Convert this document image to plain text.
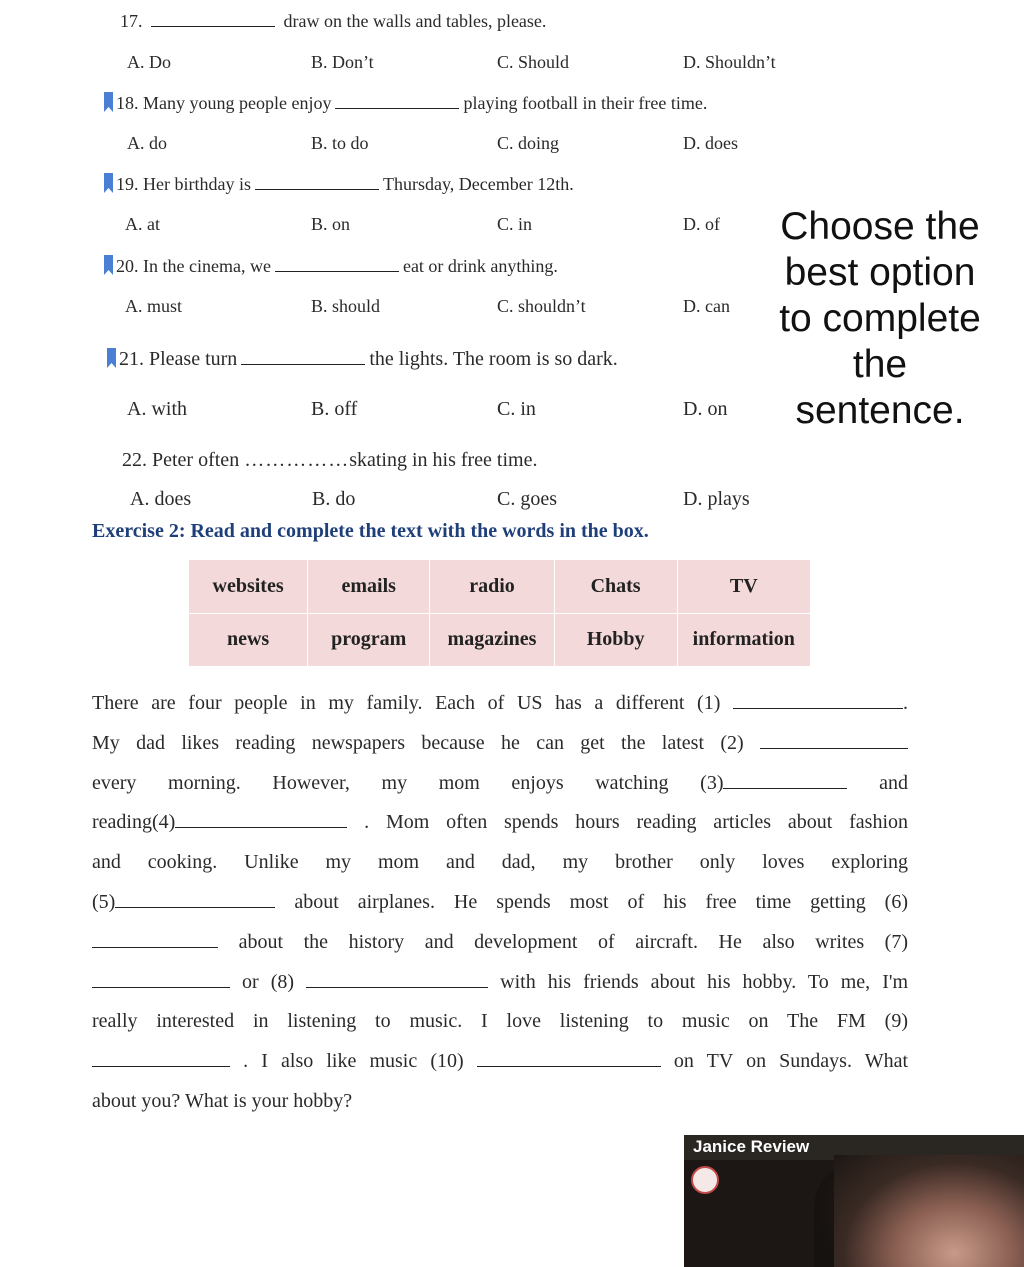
17.	draw on the walls and tables, please.
A. Do	B. Don’t	C. Should	D. Shouldn’t
18. Many young people enjoy	playing football in their free time.
A. do	B. to do	C. doing	D. does
19. Her birthday is	Thursday, December 12th.
A. at	B. on	C. in	D. of
20. In the cinema, we	eat or drink anything.
A. must	B. should	C. shouldn’t	D. can
21. Please turn	the lights. The room is so dark.
A. with	B. off	C. in	D. on
22. Peter often ……………skating in his free time.
A. does	B. do	C. goes	D. plays
Choose the best option to complete the sentence.
Exercise 2: Read and complete the text with the words in the box.
websites	emails	radio	Chats	TV
news	program	magazines	Hobby	information
There are four people in my family. Each of US has a different (1)	.
My dad likes reading newspapers because he can get the latest (2)
every morning. However, my mom enjoys watching (3)	and
reading(4)	. Mom often spends hours reading articles about fashion
and cooking. Unlike my mom and dad, my brother only loves exploring
(5)	about airplanes. He spends most of his free time getting (6)
about the history and development of aircraft. He also writes (7)
or (8)	with his friends about his hobby. To me, I'm
really interested in listening to music. I love listening to music on The FM (9)
. I also like music (10)	on TV on Sundays. What
about you? What is your hobby?
Janice Review
